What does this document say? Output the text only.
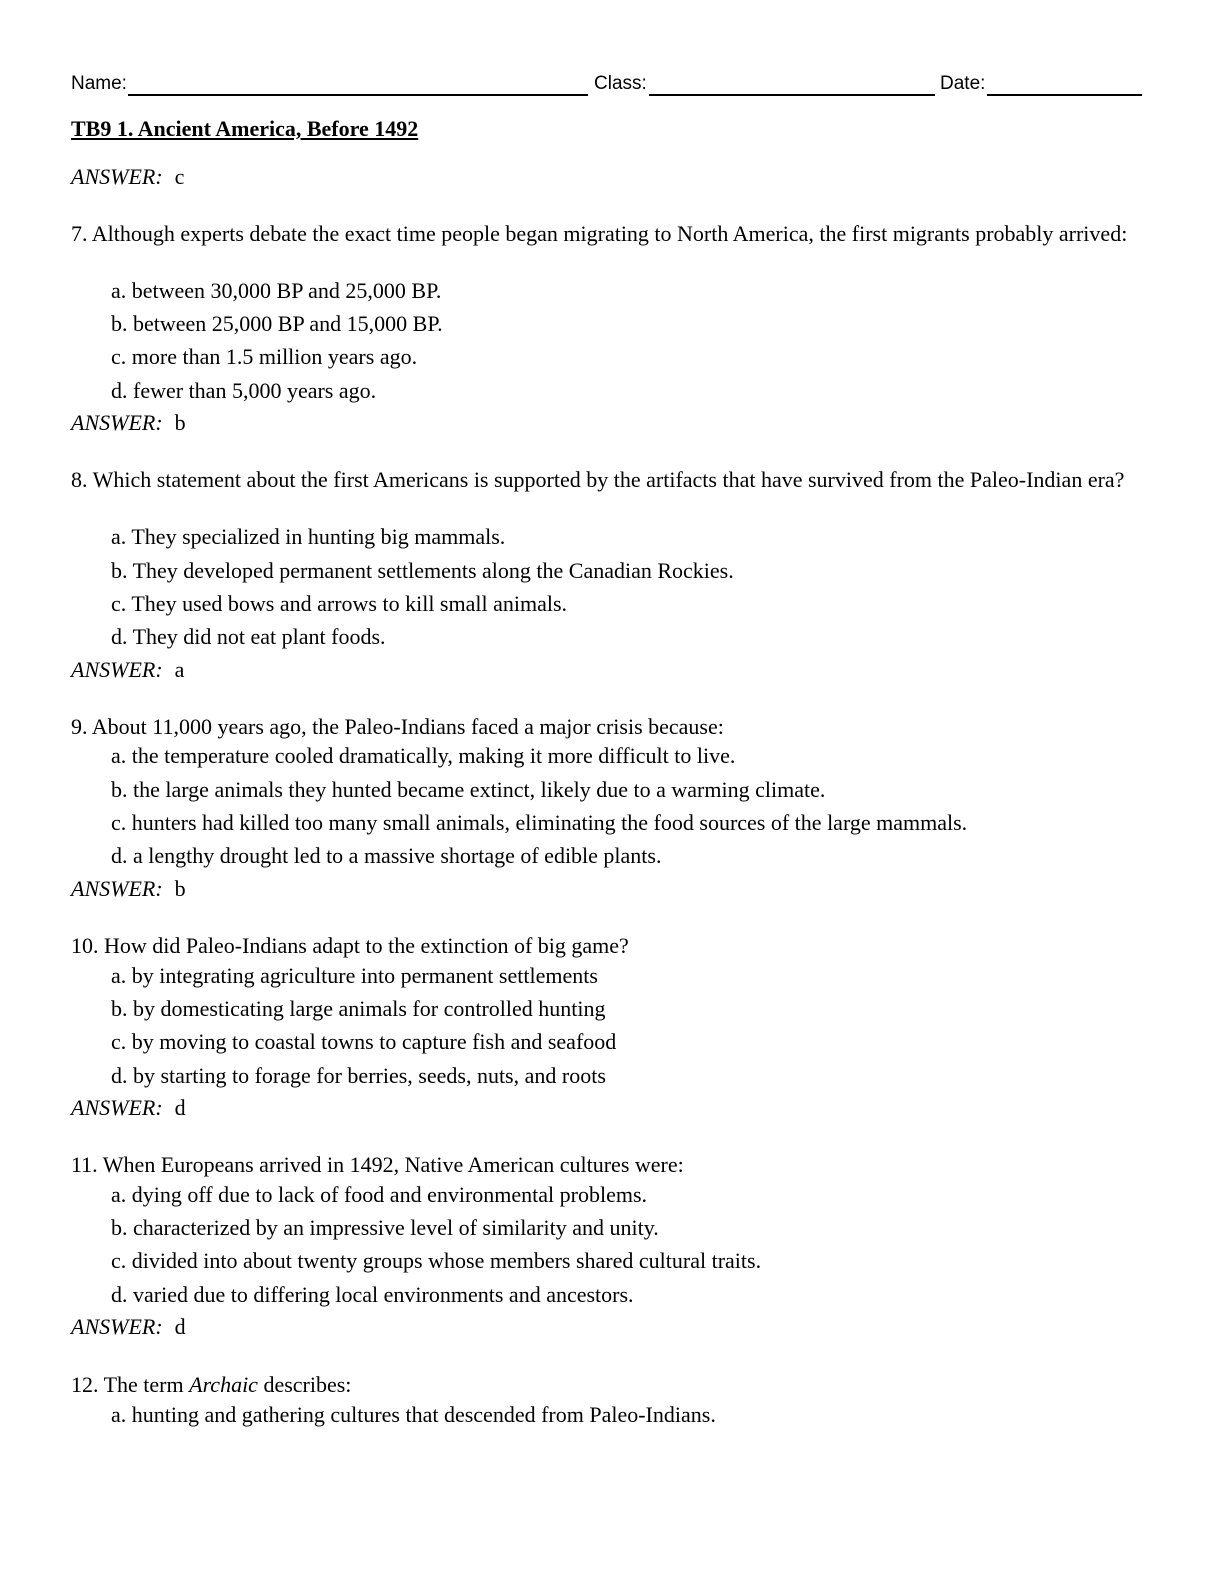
Name:	Class:	Date:
TB9 1. Ancient America, Before 1492
ANSWER: c
7. Although experts debate the exact time people began migrating to North America, the first migrants probably arrived:
a. between 30,000 BP and 25,000 BP.
b. between 25,000 BP and 15,000 BP.
c. more than 1.5 million years ago.
d. fewer than 5,000 years ago.
ANSWER: b
8. Which statement about the first Americans is supported by the artifacts that have survived from the Paleo-Indian era?
a. They specialized in hunting big mammals.
b. They developed permanent settlements along the Canadian Rockies.
c. They used bows and arrows to kill small animals.
d. They did not eat plant foods.
ANSWER: a
9. About 11,000 years ago, the Paleo-Indians faced a major crisis because:
a. the temperature cooled dramatically, making it more difficult to live.
b. the large animals they hunted became extinct, likely due to a warming climate.
c. hunters had killed too many small animals, eliminating the food sources of the large mammals.
d. a lengthy drought led to a massive shortage of edible plants.
ANSWER: b
10. How did Paleo-Indians adapt to the extinction of big game?
a. by integrating agriculture into permanent settlements
b. by domesticating large animals for controlled hunting
c. by moving to coastal towns to capture fish and seafood
d. by starting to forage for berries, seeds, nuts, and roots
ANSWER: d
11. When Europeans arrived in 1492, Native American cultures were:
a. dying off due to lack of food and environmental problems.
b. characterized by an impressive level of similarity and unity.
c. divided into about twenty groups whose members shared cultural traits.
d. varied due to differing local environments and ancestors.
ANSWER: d
12. The term Archaic describes:
a. hunting and gathering cultures that descended from Paleo-Indians.
